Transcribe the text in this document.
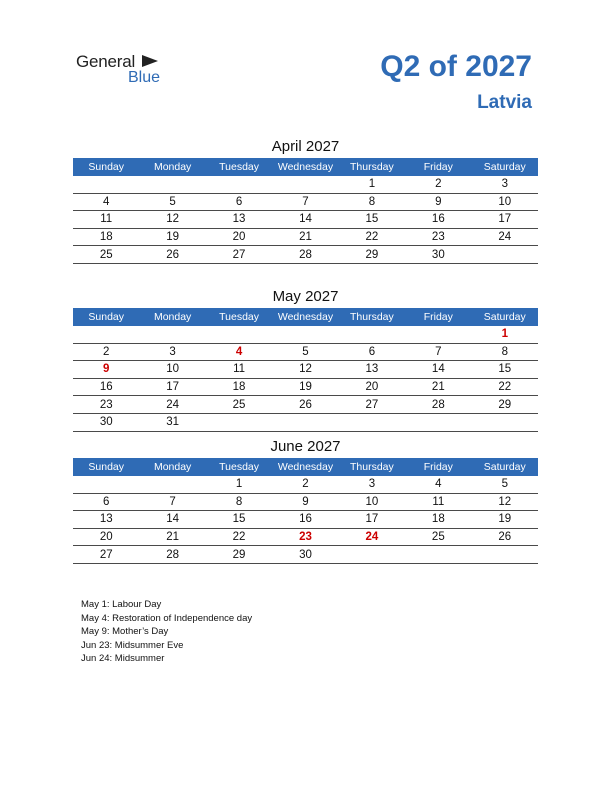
General
Blue	Q2 of 2027
Latvia
April 2027
Sunday	Monday	Tuesday	Wednesday	Thursday	Friday	Saturday
				1	2	3
4	5	6	7	8	9	10
11	12	13	14	15	16	17
18	19	20	21	22	23	24
25	26	27	28	29	30	
May 2027
Sunday	Monday	Tuesday	Wednesday	Thursday	Friday	Saturday
						1
2	3	4	5	6	7	8
9	10	11	12	13	14	15
16	17	18	19	20	21	22
23	24	25	26	27	28	29
30	31					
June 2027
Sunday	Monday	Tuesday	Wednesday	Thursday	Friday	Saturday
		1	2	3	4	5
6	7	8	9	10	11	12
13	14	15	16	17	18	19
20	21	22	23	24	25	26
27	28	29	30			
May 1: Labour Day
May 4: Restoration of Independence day
May 9: Mother’s Day
Jun 23: Midsummer Eve
Jun 24: Midsummer
